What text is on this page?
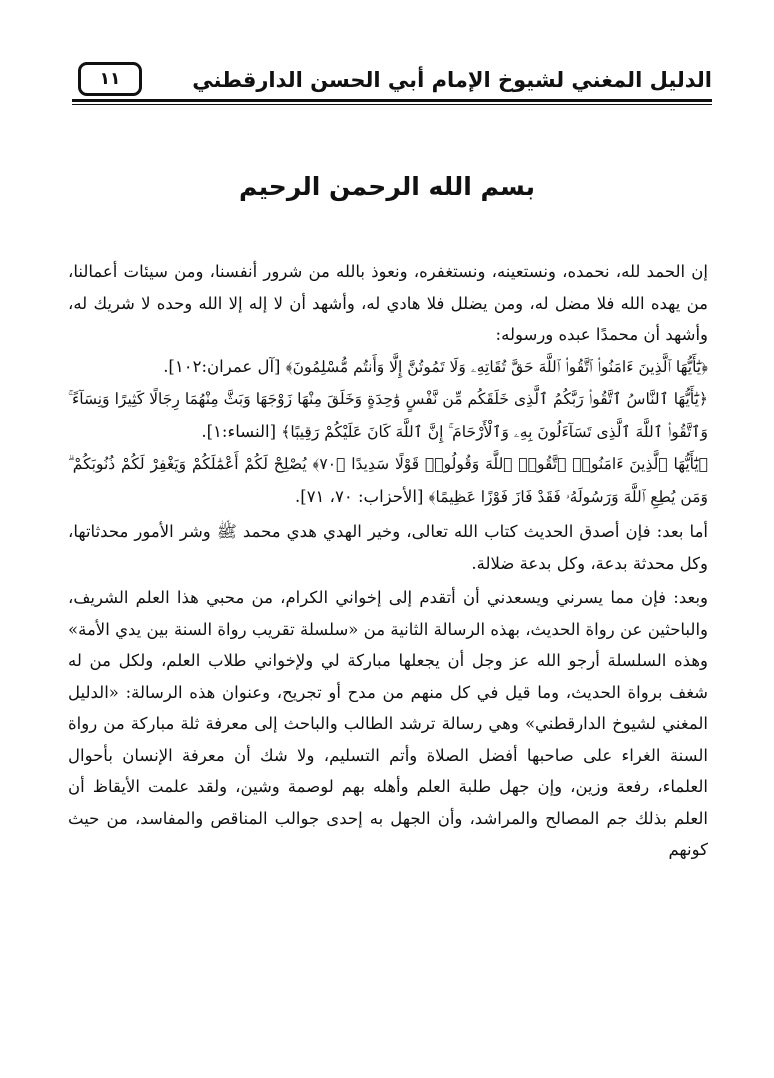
الدليل المغني لشيوخ الإمام أبي الحسن الدارقطني
١١
بسم الله الرحمن الرحيم

إن الحمد لله، نحمده، ونستعينه، ونستغفره، ونعوذ بالله من شرور أنفسنا، ومن سيئات أعمالنا، من يهده الله فلا مضل له، ومن يضلل فلا هادي له، وأشهد أن لا إله إلا الله وحده لا شريك له، وأشهد أن محمدًا عبده ورسوله:

﴿يَٰٓأَيُّهَا ٱلَّذِينَ ءَامَنُوا۟ ٱتَّقُوا۟ ٱللَّهَ حَقَّ تُقَاتِهِۦ وَلَا تَمُوتُنَّ إِلَّا وَأَنتُم مُّسْلِمُونَ﴾ [آل عمران:١٠٢].

﴿يَٰٓأَيُّهَا ٱلنَّاسُ ٱتَّقُوا۟ رَبَّكُمُ ٱلَّذِى خَلَقَكُم مِّن نَّفْسٍ وَٰحِدَةٍ وَخَلَقَ مِنْهَا زَوْجَهَا وَبَثَّ مِنْهُمَا رِجَالًا كَثِيرًا وَنِسَآءً ۚ وَٱتَّقُوا۟ ٱللَّهَ ٱلَّذِى تَسَآءَلُونَ بِهِۦ وَٱلْأَرْحَامَ ۚ إِنَّ ٱللَّهَ كَانَ عَلَيْكُمْ رَقِيبًا﴾ [النساء:١].

﴿يَٰٓأَيُّهَا ٱلَّذِينَ ءَامَنُوا۟ ٱتَّقُوا۟ ٱللَّهَ وَقُولُوا۟ قَوْلًا سَدِيدًا ﴿٧٠﴾ يُصْلِحْ لَكُمْ أَعْمَٰلَكُمْ وَيَغْفِرْ لَكُمْ ذُنُوبَكُمْ ۗ وَمَن يُطِعِ ٱللَّهَ وَرَسُولَهُۥ فَقَدْ فَازَ فَوْزًا عَظِيمًا﴾ [الأحزاب: ٧٠، ٧١].

أما بعد: فإن أصدق الحديث كتاب الله تعالى، وخير الهدي هدي محمد ﷺ وشر الأمور محدثاتها، وكل محدثة بدعة، وكل بدعة ضلالة.

وبعد: فإن مما يسرني ويسعدني أن أتقدم إلى إخواني الكرام، من محبي هذا العلم الشريف، والباحثين عن رواة الحديث، بهذه الرسالة الثانية من «سلسلة تقريب رواة السنة بين يدي الأمة» وهذه السلسلة أرجو الله عز وجل أن يجعلها مباركة لي ولإخواني طلاب العلم، ولكل من له شغف برواة الحديث، وما قيل في كل منهم من مدح أو تجريح، وعنوان هذه الرسالة: «الدليل المغني لشيوخ الدارقطني» وهي رسالة ترشد الطالب والباحث إلى معرفة ثلة مباركة من رواة السنة الغراء على صاحبها أفضل الصلاة وأتم التسليم، ولا شك أن معرفة الإنسان بأحوال العلماء، رفعة وزين، وإن جهل طلبة العلم وأهله بهم لوصمة وشين، ولقد علمت الأيقاظ أن العلم بذلك جم المصالح والمراشد، وأن الجهل به إحدى جوالب المناقص والمفاسد، من حيث كونهم
